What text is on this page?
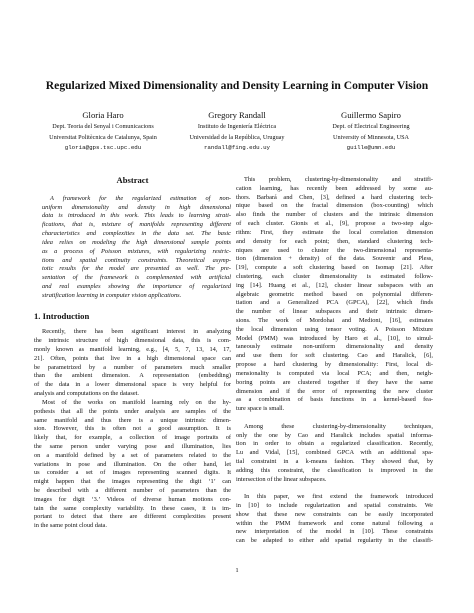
Regularized Mixed Dimensionality and Density Learning in Computer Vision
Gloria Haro
Dept. Teoria del Senyal i Comunicacions
Universitat Politècnica de Catalunya, Spain
gloria@gps.tsc.upc.edu
Gregory Randall
Instituto de Ingeniería Eléctrica
Universidad de la República, Uruguay
randall@fing.edu.uy
Guillermo Sapiro
Dept. of Electrical Engineering
University of Minnesota, USA
guille@umn.edu
Abstract
A framework for the regularized estimation of non-
uniform dimensionality and density in high dimensional
data is introduced in this work. This leads to learning strati-
fications, that is, mixture of manifolds representing different
characteristics and complexities in the data set. The basic
idea relies on modeling the high dimensional sample points
as a process of Poisson mixtures, with regularizing restric-
tions and spatial continuity constraints. Theoretical asymp-
totic results for the model are presented as well. The pre-
sentation of the framework is complemented with artificial
and real examples showing the importance of regularized
stratification learning in computer vision applications.
1. Introduction
Recently, there has been significant interest in analyzing
the intrinsic structure of high dimensional data, this is com-
monly known as manifold learning, e.g., [4, 5, 7, 13, 14, 17,
21]. Often, points that live in a high dimensional space can
be parametrized by a number of parameters much smaller
than the ambient dimension. A representation (embedding)
of the data in a lower dimensional space is very helpful for
analysis and computations on the dataset.
Most of the works on manifold learning rely on the hy-
pothesis that all the points under analysis are samples of the
same manifold and thus there is a unique intrinsic dimen-
sion. However, this is often not a good assumption. It is
likely that, for example, a collection of image portraits of
the same person under varying pose and illumination, lies
on a manifold defined by a set of parameters related to the
variations in pose and illumination. On the other hand, let
us consider a set of images representing scanned digits. It
might happen that the images representing the digit ‘1’ can
be described with a different number of parameters than the
images for digit ‘3.’ Videos of diverse human motions con-
tain the same complexity variability. In these cases, it is im-
portant to detect that there are different complexities present
in the same point cloud data.
This problem, clustering-by-dimensionality and stratifi-
cation learning, has recently been addressed by some au-
thors. Barbará and Chen, [3], defined a hard clustering tech-
nique based on the fractal dimension (box-counting) which
also finds the number of clusters and the intrinsic dimension
of each cluster. Gionis et al., [9], propose a two-step algo-
rithm: First, they estimate the local correlation dimension
and density for each point; then, standard clustering tech-
niques are used to cluster the two-dimensional representa-
tion (dimension + density) of the data. Souvenir and Pless,
[19], compute a soft clustering based on Isomap [21]. After
clustering, each cluster dimensionality is estimated follow-
ing [14]. Huang et al., [12], cluster linear subspaces with an
algebraic geometric method based on polynomial differen-
tiation and a Generalized PCA (GPCA), [22], which finds
the number of linear subspaces and their intrinsic dimen-
sions. The work of Mordohai and Medioni, [16], estimates
the local dimension using tensor voting. A Poisson Mixture
Model (PMM) was introduced by Haro et al., [10], to simul-
taneously estimate non-uniform dimensionality and density
and use them for soft clustering. Cao and Haralick, [6],
propose a hard clustering by dimensionality: First, local di-
mensionality is computed via local PCA; and then, neigh-
boring points are clustered together if they have the same
dimension and if the error of representing the new cluster
as a combination of basis functions in a kernel-based fea-
ture space is small.
Among these clustering-by-dimensionality techniques,
only the one by Cao and Haralick includes spatial informa-
tion in order to obtain a regularized classification. Recently,
Lu and Vidal, [15], combined GPCA with an additional spa-
tial constraint in a k-means fashion. They showed that, by
adding this constraint, the classification is improved in the
intersection of the linear subspaces.
In this paper, we first extend the framework introduced
in [10] to include regularization and spatial constraints. We
show that these new constraints can be easily incorporated
within the PMM framework and come natural following a
new interpretation of the model in [10]. These constraints
can be adapted to either add spatial regularity in the classifi-
1
